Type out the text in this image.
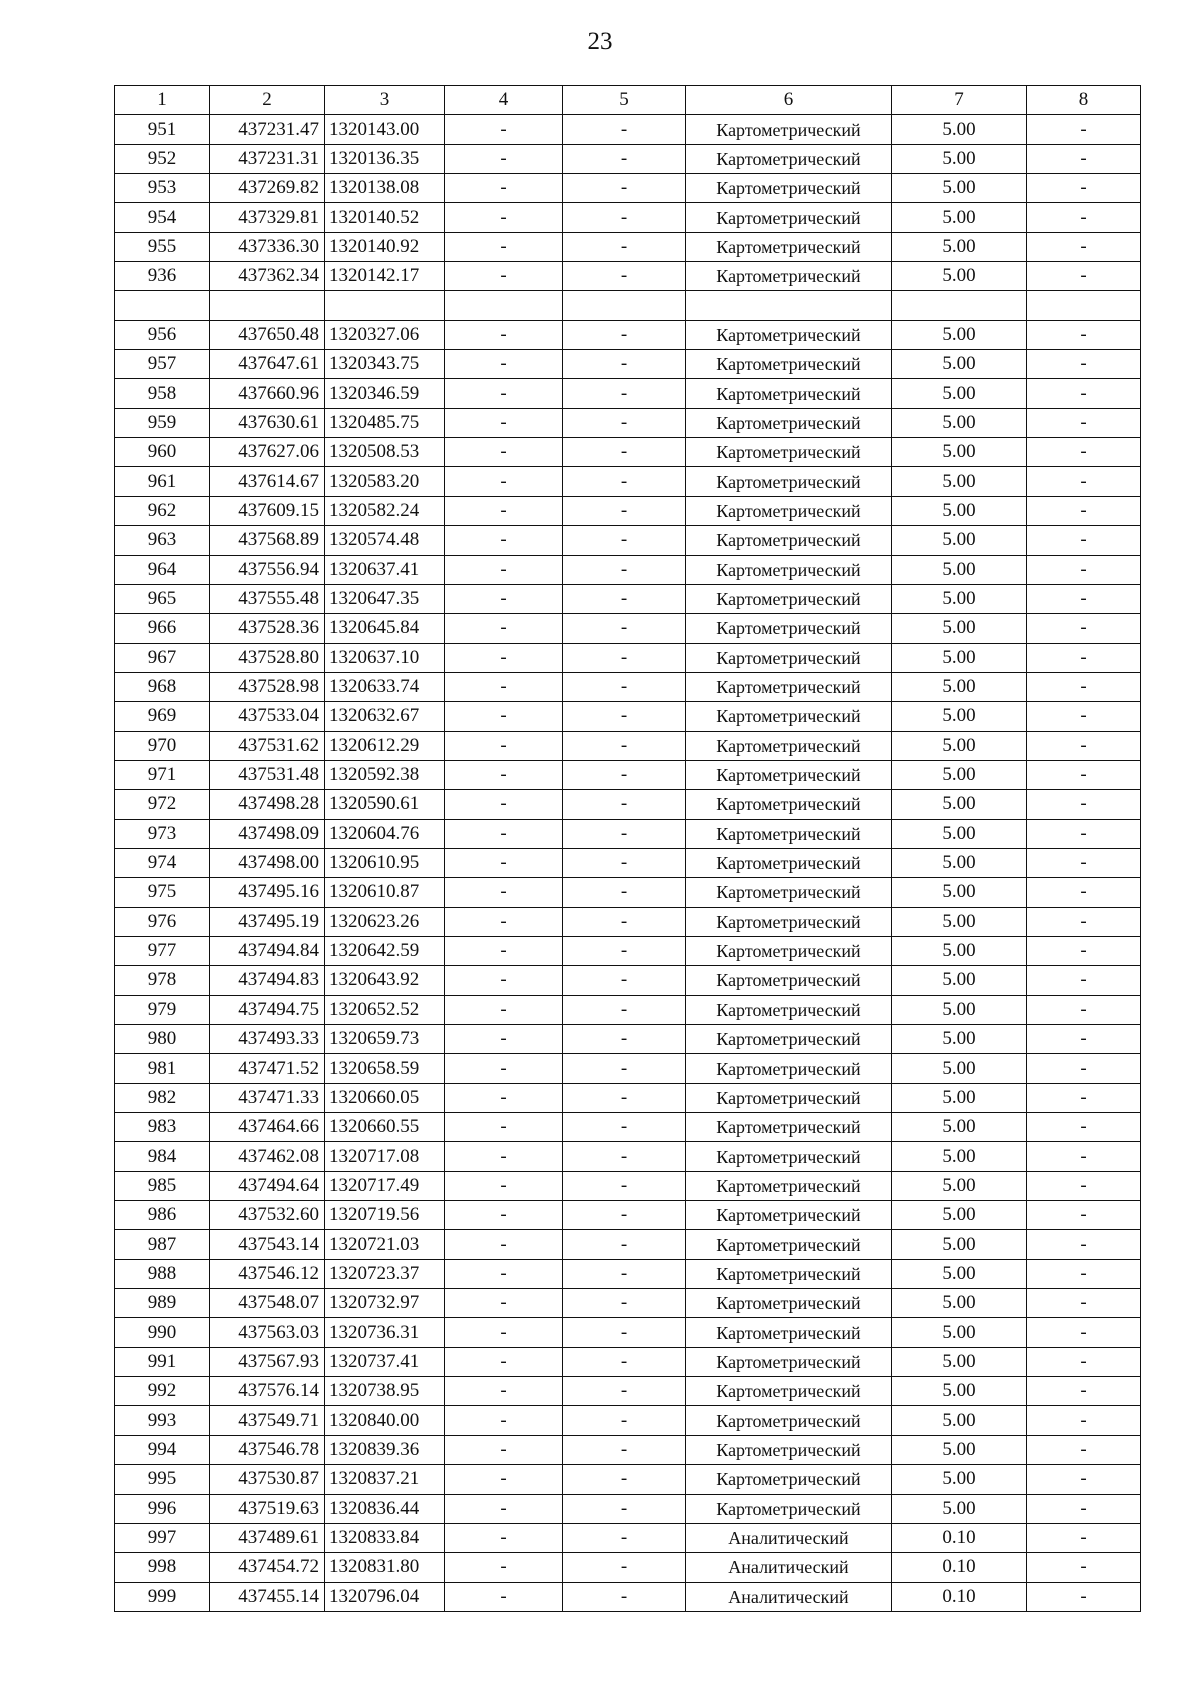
23
1	2	3	4	5	6	7	8
951	437231.47	1320143.00	-	-	Картометрический	5.00	-
952	437231.31	1320136.35	-	-	Картометрический	5.00	-
953	437269.82	1320138.08	-	-	Картометрический	5.00	-
954	437329.81	1320140.52	-	-	Картометрический	5.00	-
955	437336.30	1320140.92	-	-	Картометрический	5.00	-
936	437362.34	1320142.17	-	-	Картометрический	5.00	-

956	437650.48	1320327.06	-	-	Картометрический	5.00	-
957	437647.61	1320343.75	-	-	Картометрический	5.00	-
958	437660.96	1320346.59	-	-	Картометрический	5.00	-
959	437630.61	1320485.75	-	-	Картометрический	5.00	-
960	437627.06	1320508.53	-	-	Картометрический	5.00	-
961	437614.67	1320583.20	-	-	Картометрический	5.00	-
962	437609.15	1320582.24	-	-	Картометрический	5.00	-
963	437568.89	1320574.48	-	-	Картометрический	5.00	-
964	437556.94	1320637.41	-	-	Картометрический	5.00	-
965	437555.48	1320647.35	-	-	Картометрический	5.00	-
966	437528.36	1320645.84	-	-	Картометрический	5.00	-
967	437528.80	1320637.10	-	-	Картометрический	5.00	-
968	437528.98	1320633.74	-	-	Картометрический	5.00	-
969	437533.04	1320632.67	-	-	Картометрический	5.00	-
970	437531.62	1320612.29	-	-	Картометрический	5.00	-
971	437531.48	1320592.38	-	-	Картометрический	5.00	-
972	437498.28	1320590.61	-	-	Картометрический	5.00	-
973	437498.09	1320604.76	-	-	Картометрический	5.00	-
974	437498.00	1320610.95	-	-	Картометрический	5.00	-
975	437495.16	1320610.87	-	-	Картометрический	5.00	-
976	437495.19	1320623.26	-	-	Картометрический	5.00	-
977	437494.84	1320642.59	-	-	Картометрический	5.00	-
978	437494.83	1320643.92	-	-	Картометрический	5.00	-
979	437494.75	1320652.52	-	-	Картометрический	5.00	-
980	437493.33	1320659.73	-	-	Картометрический	5.00	-
981	437471.52	1320658.59	-	-	Картометрический	5.00	-
982	437471.33	1320660.05	-	-	Картометрический	5.00	-
983	437464.66	1320660.55	-	-	Картометрический	5.00	-
984	437462.08	1320717.08	-	-	Картометрический	5.00	-
985	437494.64	1320717.49	-	-	Картометрический	5.00	-
986	437532.60	1320719.56	-	-	Картометрический	5.00	-
987	437543.14	1320721.03	-	-	Картометрический	5.00	-
988	437546.12	1320723.37	-	-	Картометрический	5.00	-
989	437548.07	1320732.97	-	-	Картометрический	5.00	-
990	437563.03	1320736.31	-	-	Картометрический	5.00	-
991	437567.93	1320737.41	-	-	Картометрический	5.00	-
992	437576.14	1320738.95	-	-	Картометрический	5.00	-
993	437549.71	1320840.00	-	-	Картометрический	5.00	-
994	437546.78	1320839.36	-	-	Картометрический	5.00	-
995	437530.87	1320837.21	-	-	Картометрический	5.00	-
996	437519.63	1320836.44	-	-	Картометрический	5.00	-
997	437489.61	1320833.84	-	-	Аналитический	0.10	-
998	437454.72	1320831.80	-	-	Аналитический	0.10	-
999	437455.14	1320796.04	-	-	Аналитический	0.10	-
